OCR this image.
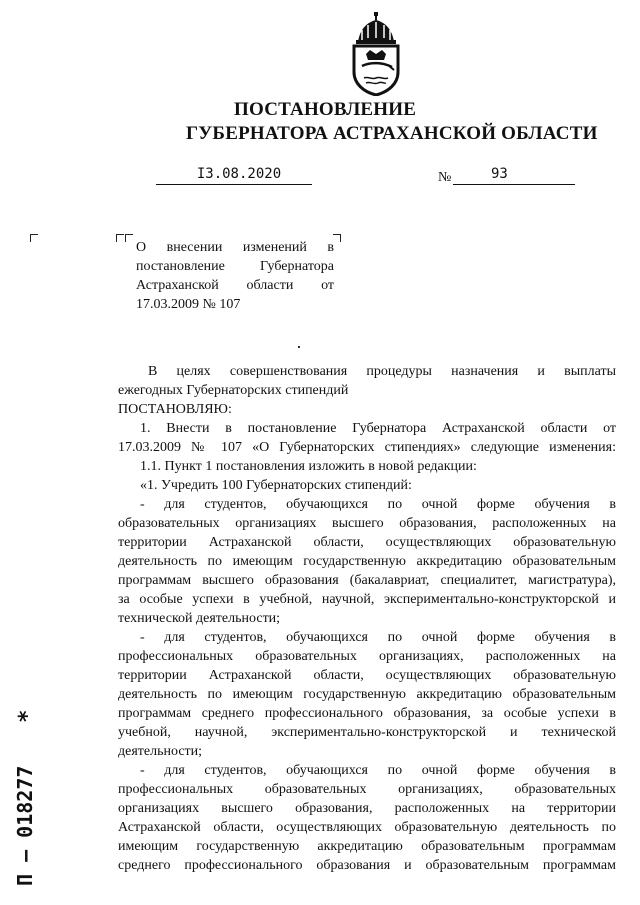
ПОСТАНОВЛЕНИЕ
ГУБЕРНАТОРА АСТРАХАНСКОЙ ОБЛАСТИ
I3.08.2020	№	93
О внесении изменений в
постановление Губернатора
Астраханской области от
17.03.2009 № 107
В целях совершенствования процедуры назначения и выплаты
ежегодных Губернаторских стипендий
ПОСТАНОВЛЯЮ:
1. Внести в постановление Губернатора Астраханской области от
17.03.2009 № 107 «О Губернаторских стипендиях» следующие изменения:
1.1. Пункт 1 постановления изложить в новой редакции:
«1. Учредить 100 Губернаторских стипендий:
- для студентов, обучающихся по очной форме обучения в
образовательных организациях высшего образования, расположенных на
территории Астраханской области, осуществляющих образовательную
деятельность по имеющим государственную аккредитацию образовательным
программам высшего образования (бакалавриат, специалитет, магистратура),
за особые успехи в учебной, научной, экспериментально-конструкторской и
технической деятельности;
- для студентов, обучающихся по очной форме обучения в
профессиональных образовательных организациях, расположенных на
территории Астраханской области, осуществляющих образовательную
деятельность по имеющим государственную аккредитацию образовательным
программам среднего профессионального образования, за особые успехи в
учебной, научной, экспериментально-конструкторской и технической
деятельности;
- для студентов, обучающихся по очной форме обучения в
профессиональных образовательных организациях, образовательных
организациях высшего образования, расположенных на территории
Астраханской области, осуществляющих образовательную деятельность по
имеющим государственную аккредитацию образовательным программам
среднего профессионального образования и образовательным программам
П – 018277
*
